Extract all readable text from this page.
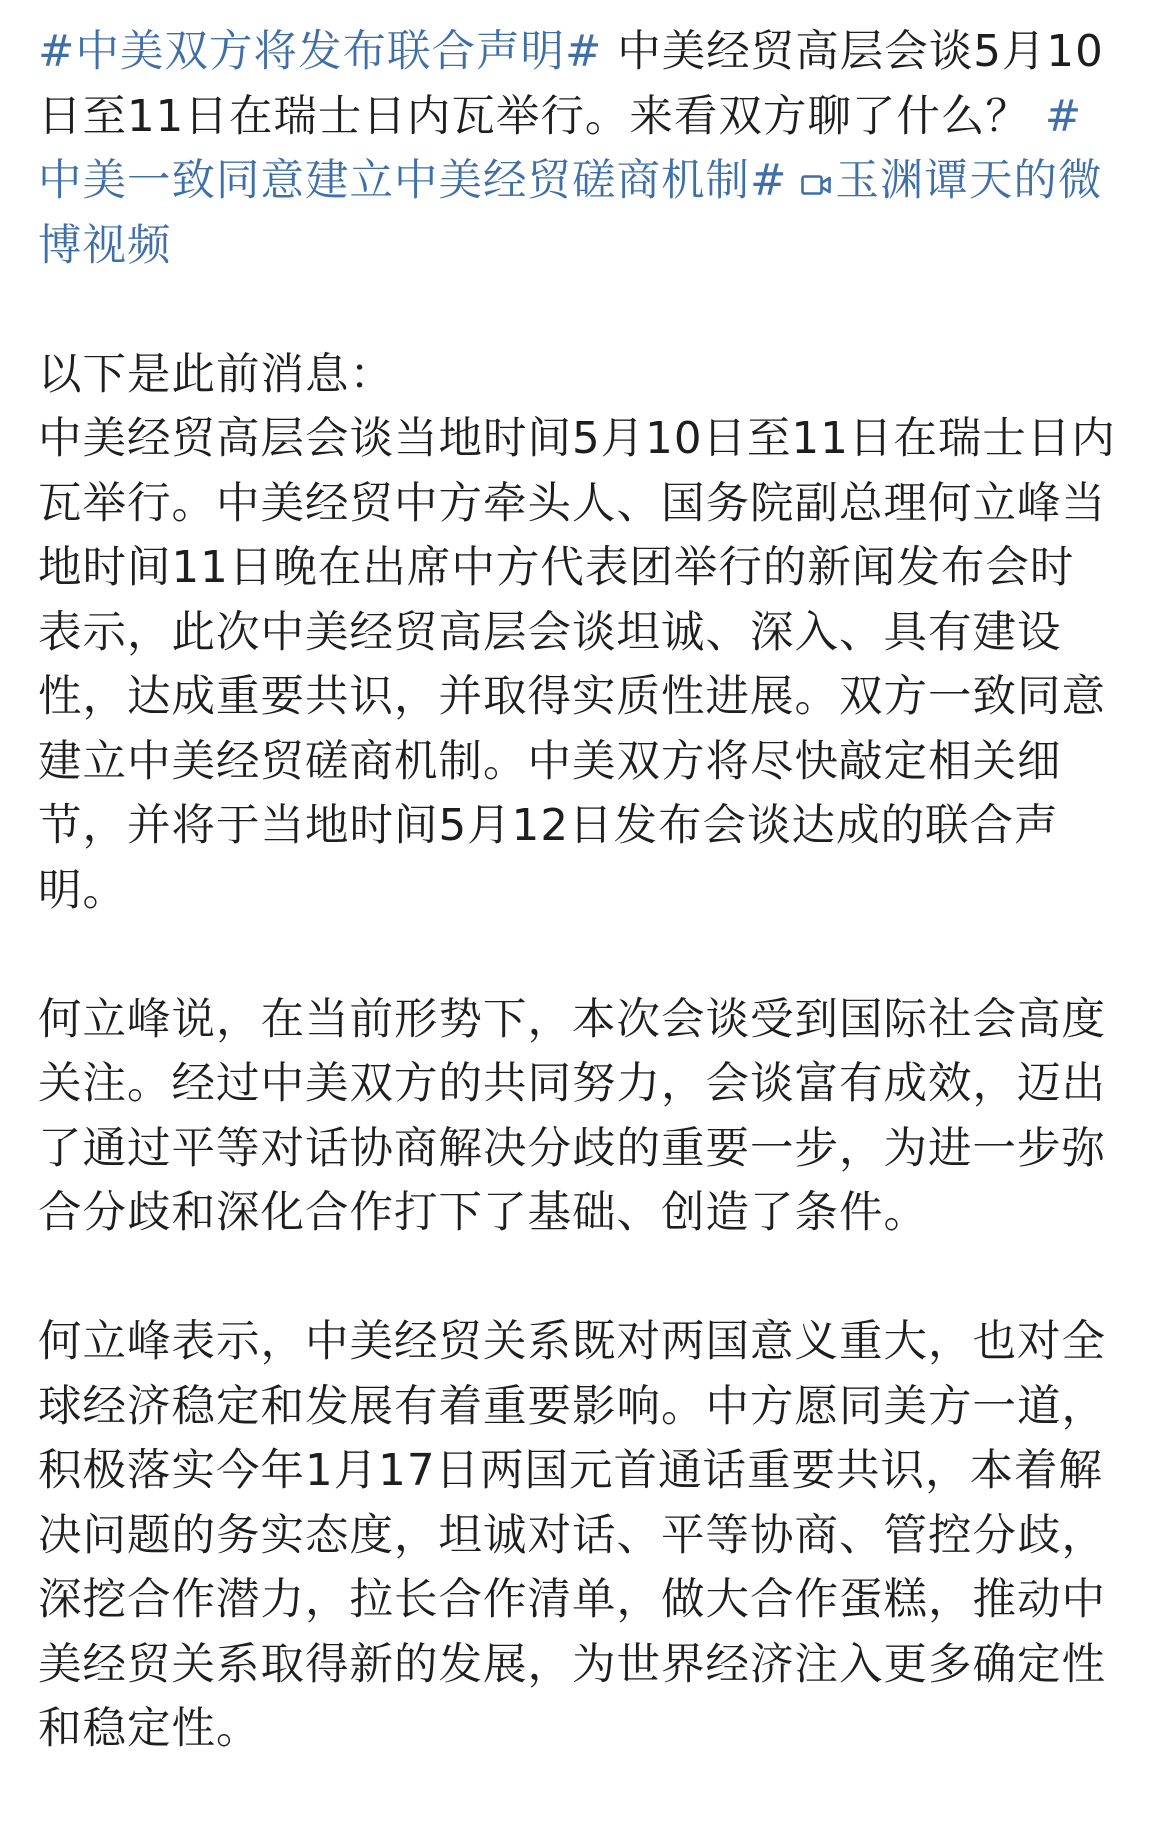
#中美双方将发布联合声明# 中美经贸高层会谈5月10日至11日在瑞士日内瓦举行。来看双方聊了什么？ #中美一致同意建立中美经贸磋商机制# 玉渊谭天的微博视频

以下是此前消息：
中美经贸高层会谈当地时间5月10日至11日在瑞士日内瓦举行。中美经贸中方牵头人、国务院副总理何立峰当地时间11日晚在出席中方代表团举行的新闻发布会时表示，此次中美经贸高层会谈坦诚、深入、具有建设性，达成重要共识，并取得实质性进展。双方一致同意建立中美经贸磋商机制。中美双方将尽快敲定相关细节，并将于当地时间5月12日发布会谈达成的联合声明。

何立峰说，在当前形势下，本次会谈受到国际社会高度关注。经过中美双方的共同努力，会谈富有成效，迈出了通过平等对话协商解决分歧的重要一步，为进一步弥合分歧和深化合作打下了基础、创造了条件。

何立峰表示，中美经贸关系既对两国意义重大，也对全球经济稳定和发展有着重要影响。中方愿同美方一道，积极落实今年1月17日两国元首通话重要共识，本着解决问题的务实态度，坦诚对话、平等协商、管控分歧，深挖合作潜力，拉长合作清单，做大合作蛋糕，推动中美经贸关系取得新的发展，为世界经济注入更多确定性和稳定性。
